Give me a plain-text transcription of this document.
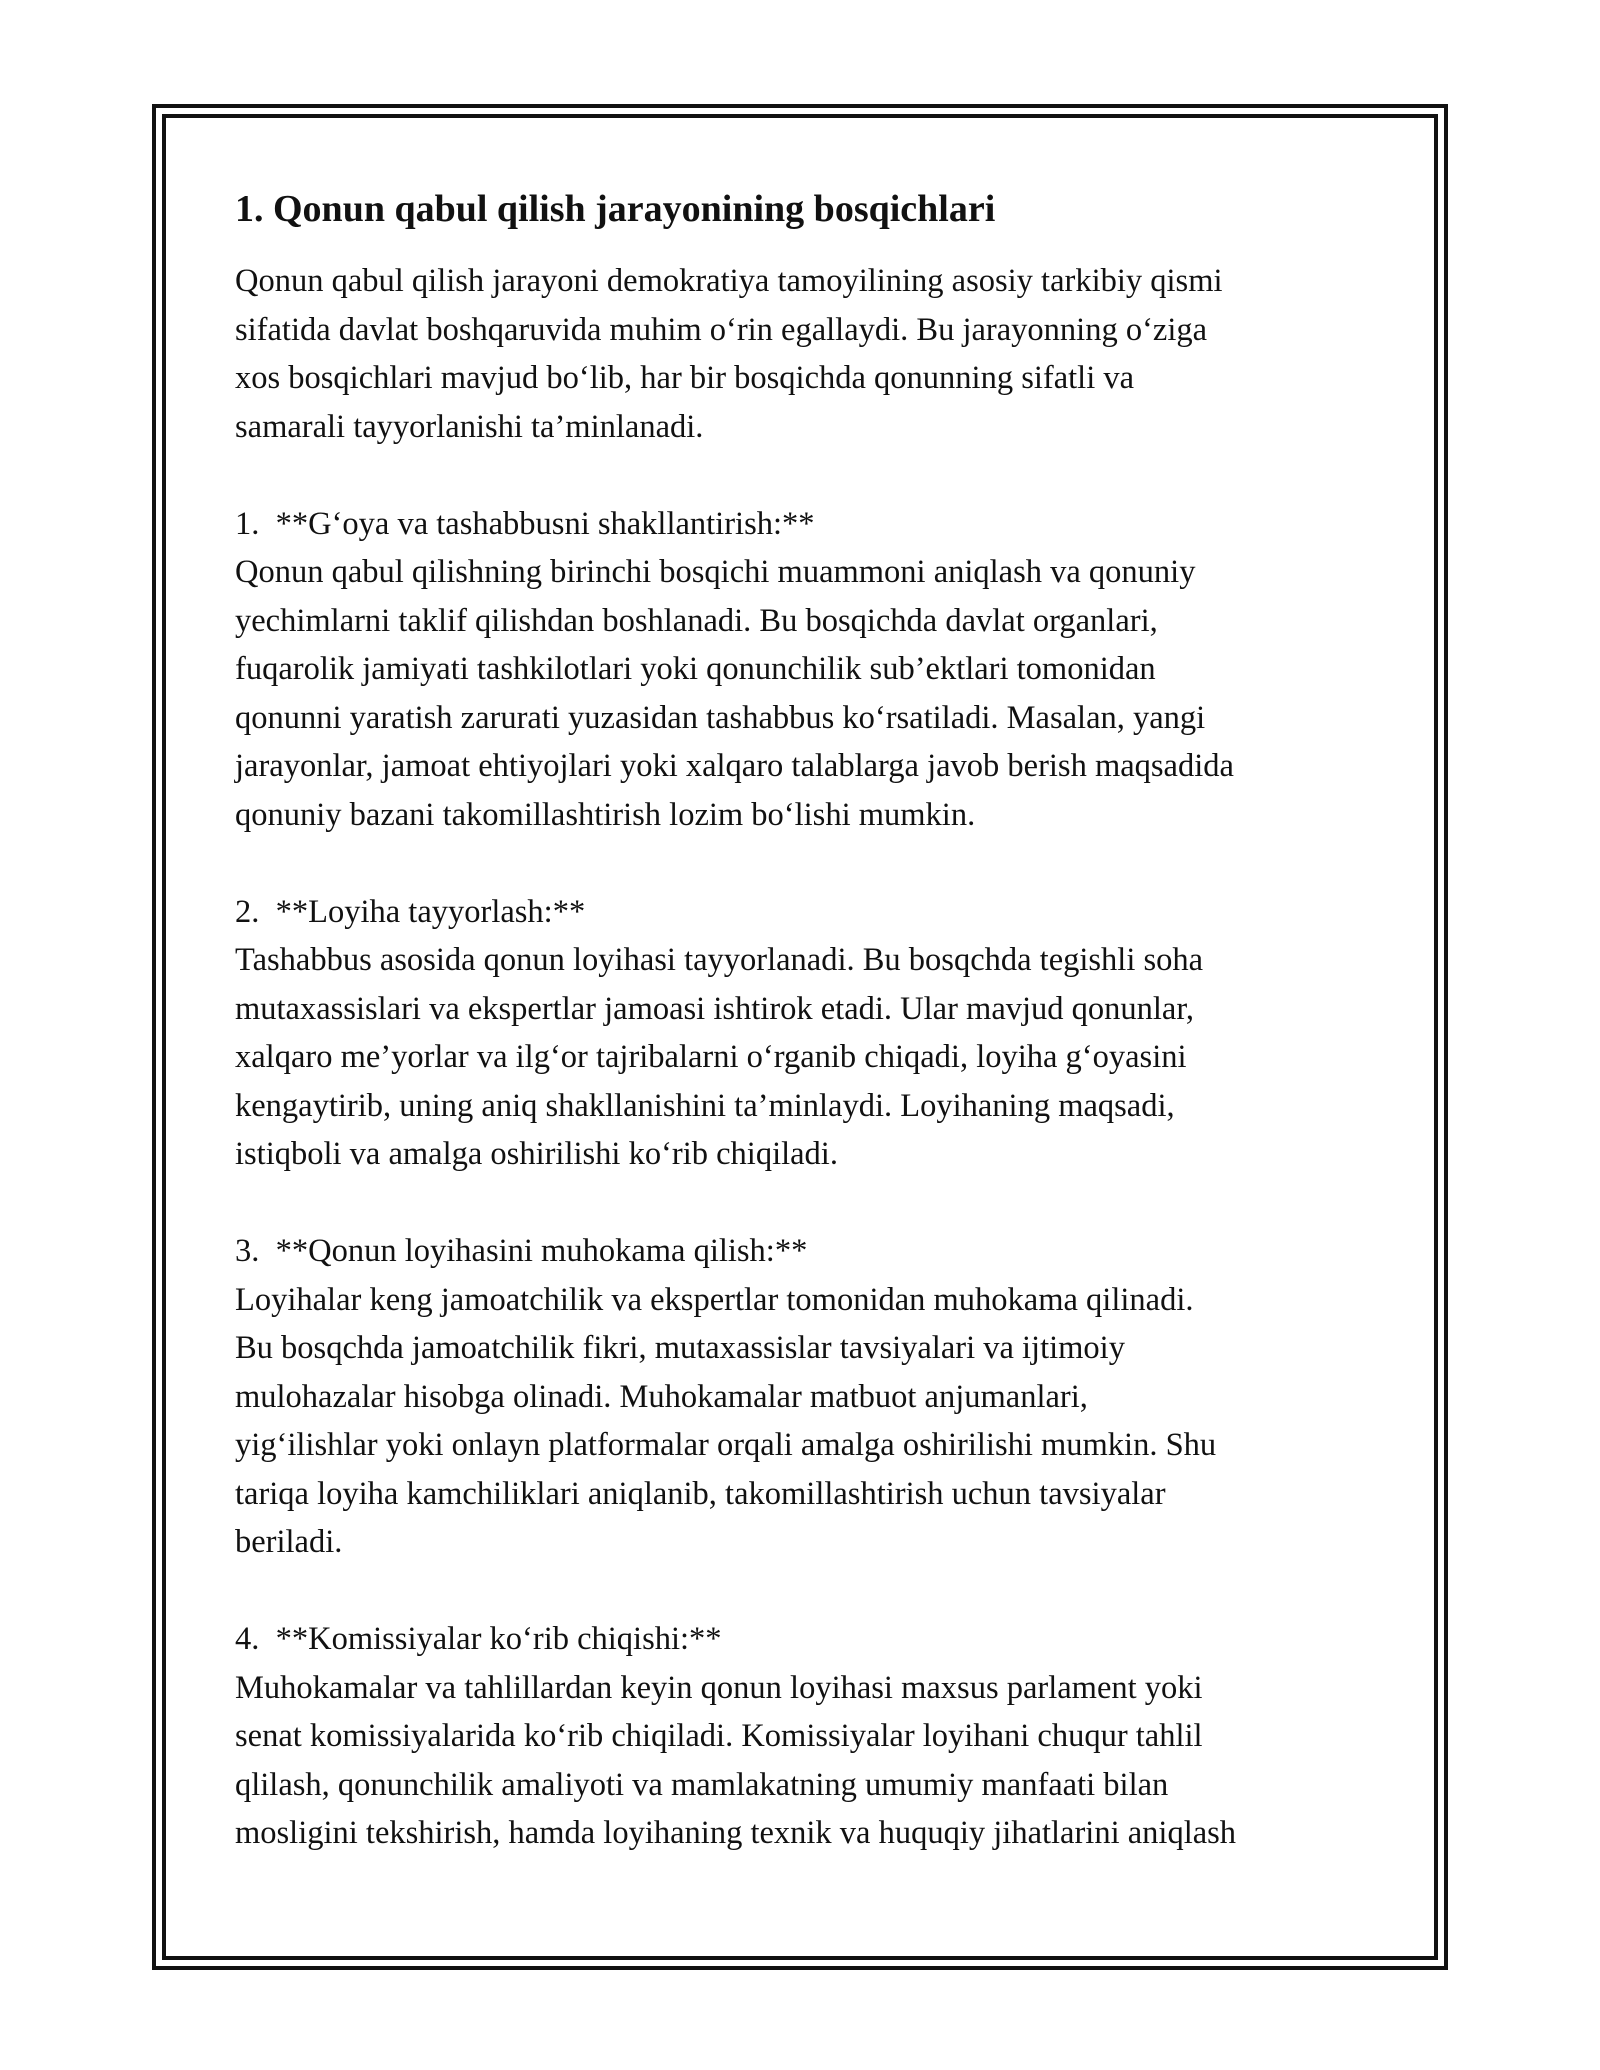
1. Qonun qabul qilish jarayonining bosqichlari

Qonun qabul qilish jarayoni demokratiya tamoyilining asosiy tarkibiy qismi
sifatida davlat boshqaruvida muhim o‘rin egallaydi. Bu jarayonning o‘ziga
xos bosqichlari mavjud bo‘lib, har bir bosqichda qonunning sifatli va
samarali tayyorlanishi ta’minlanadi.

1.  **G‘oya va tashabbusni shakllantirish:**

Qonun qabul qilishning birinchi bosqichi muammoni aniqlash va qonuniy
yechimlarni taklif qilishdan boshlanadi. Bu bosqichda davlat organlari,
fuqarolik jamiyati tashkilotlari yoki qonunchilik sub’ektlari tomonidan
qonunni yaratish zarurati yuzasidan tashabbus ko‘rsatiladi. Masalan, yangi
jarayonlar, jamoat ehtiyojlari yoki xalqaro talablarga javob berish maqsadida
qonuniy bazani takomillashtirish lozim bo‘lishi mumkin.

2.  **Loyiha tayyorlash:**

Tashabbus asosida qonun loyihasi tayyorlanadi. Bu bosqchda tegishli soha
mutaxassislari va ekspertlar jamoasi ishtirok etadi. Ular mavjud qonunlar,
xalqaro me’yorlar va ilg‘or tajribalarni o‘rganib chiqadi, loyiha g‘oyasini
kengaytirib, uning aniq shakllanishini ta’minlaydi. Loyihaning maqsadi,
istiqboli va amalga oshirilishi ko‘rib chiqiladi.

3.  **Qonun loyihasini muhokama qilish:**

Loyihalar keng jamoatchilik va ekspertlar tomonidan muhokama qilinadi.
Bu bosqchda jamoatchilik fikri, mutaxassislar tavsiyalari va ijtimoiy
mulohazalar hisobga olinadi. Muhokamalar matbuot anjumanlari,
yig‘ilishlar yoki onlayn platformalar orqali amalga oshirilishi mumkin. Shu
tariqa loyiha kamchiliklari aniqlanib, takomillashtirish uchun tavsiyalar
beriladi.

4.  **Komissiyalar ko‘rib chiqishi:**

Muhokamalar va tahlillardan keyin qonun loyihasi maxsus parlament yoki
senat komissiyalarida ko‘rib chiqiladi. Komissiyalar loyihani chuqur tahlil
qlilash, qonunchilik amaliyoti va mamlakatning umumiy manfaati bilan
mosligini tekshirish, hamda loyihaning texnik va huquqiy jihatlarini aniqlash
